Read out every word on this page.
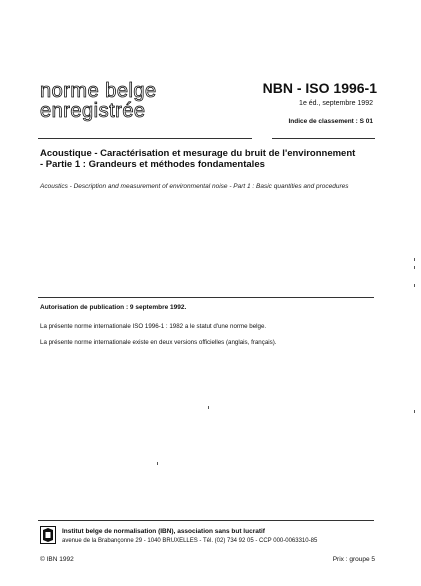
norme belge
enregistrée
NBN - ISO 1996-1
1e éd., septembre 1992
Indice de classement : S 01
Acoustique - Caractérisation et mesurage du bruit de l'environnement
- Partie 1 : Grandeurs et méthodes fondamentales
Acoustics - Description and measurement of environmental noise - Part 1 : Basic quantities and procedures
Autorisation de publication : 9 septembre 1992.
La présente norme internationale ISO 1996-1 : 1982 a le statut d'une norme belge.
La présente norme internationale existe en deux versions officielles (anglais, français).
Institut belge de normalisation (IBN), association sans but lucratif
avenue de la Brabançonne 29 - 1040 BRUXELLES - Tél. (02) 734 92 05 - CCP 000-0063310-85
© IBN 1992	Prix : groupe 5
